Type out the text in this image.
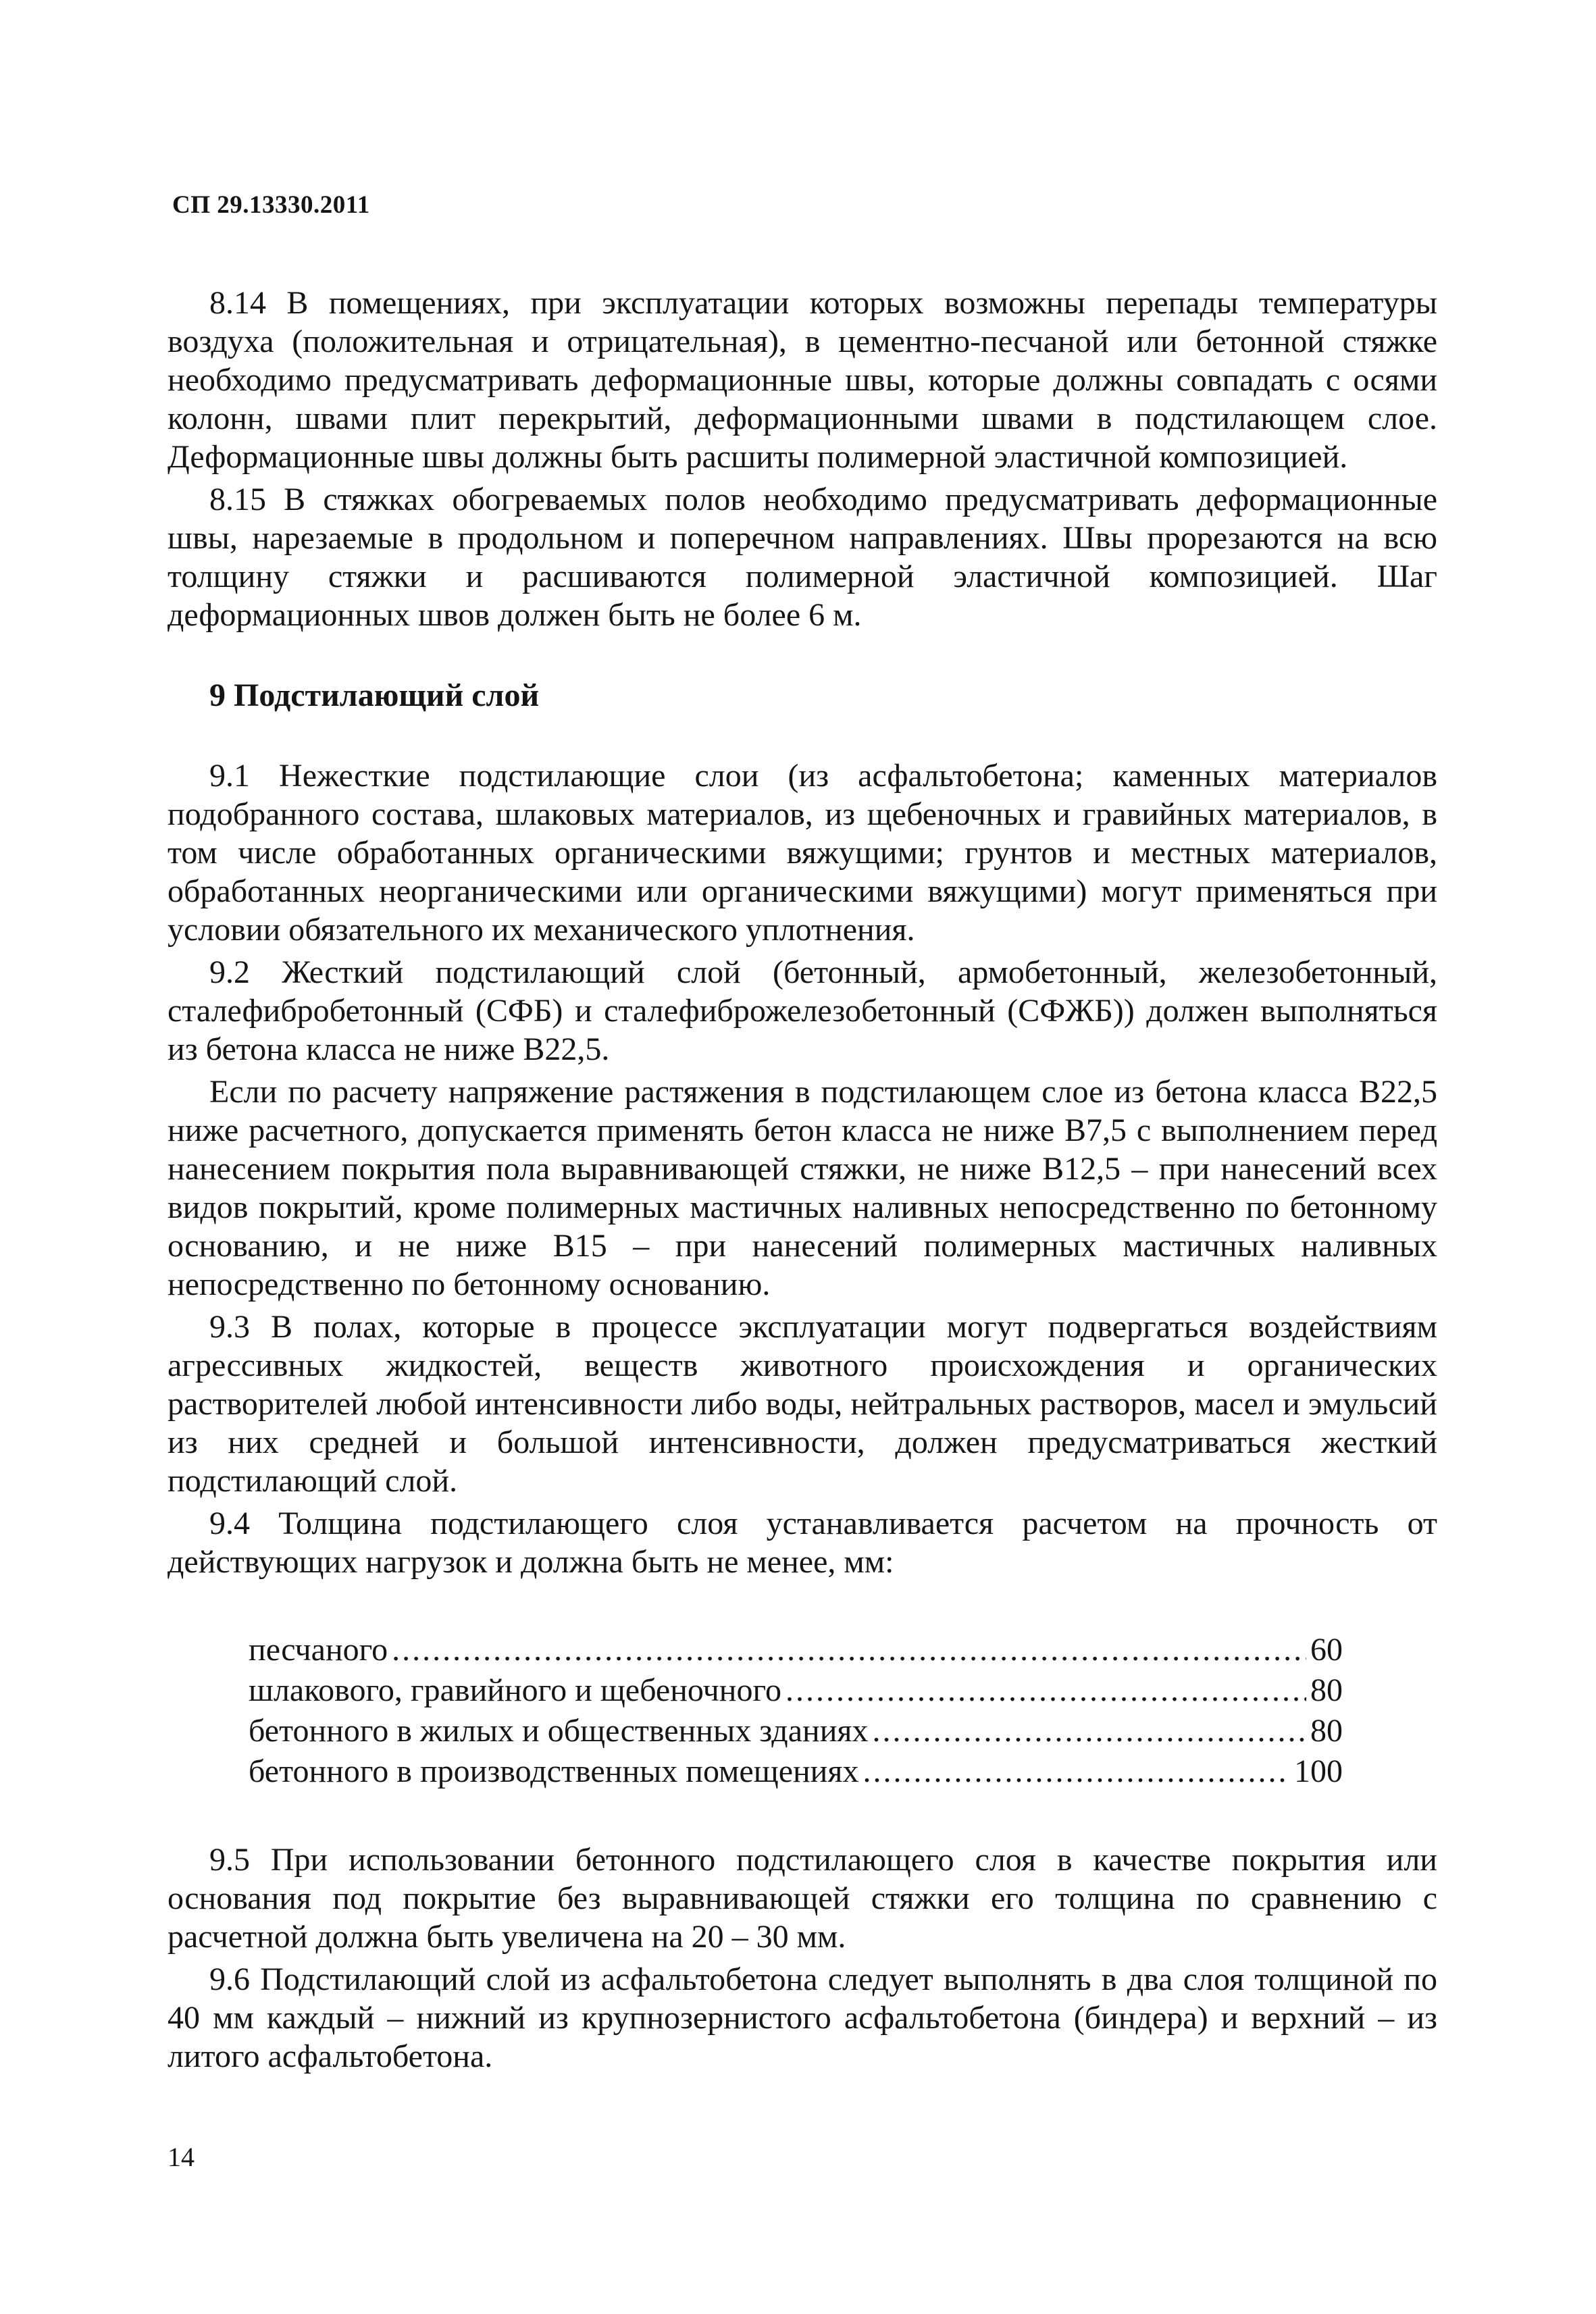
СП 29.13330.2011

8.14 В помещениях, при эксплуатации которых возможны перепады температуры воздуха (положительная и отрицательная), в цементно-песчаной или бетонной стяжке необходимо предусматривать деформационные швы, которые должны совпадать с осями колонн, швами плит перекрытий, деформационными швами в подстилающем слое. Деформационные швы должны быть расшиты полимерной эластичной композицией.

8.15 В стяжках обогреваемых полов необходимо предусматривать деформационные швы, нарезаемые в продольном и поперечном направлениях. Швы прорезаются на всю толщину стяжки и расшиваются полимерной эластичной композицией. Шаг деформационных швов должен быть не более 6 м.

9 Подстилающий слой

9.1 Нежесткие подстилающие слои (из асфальтобетона; каменных материалов подобранного состава, шлаковых материалов, из щебеночных и гравийных материалов, в том числе обработанных органическими вяжущими; грунтов и местных материалов, обработанных неорганическими или органическими вяжущими) могут применяться при условии обязательного их механического уплотнения.

9.2 Жесткий подстилающий слой (бетонный, армобетонный, железобетонный, сталефибробетонный (СФБ) и сталефиброжелезобетонный (СФЖБ)) должен выполняться из бетона класса не ниже В22,5.

Если по расчету напряжение растяжения в подстилающем слое из бетона класса В22,5 ниже расчетного, допускается применять бетон класса не ниже В7,5 с выполнением перед нанесением покрытия пола выравнивающей стяжки, не ниже В12,5 – при нанесений всех видов покрытий, кроме полимерных мастичных наливных непосредственно по бетонному основанию, и не ниже В15 – при нанесений полимерных мастичных наливных непосредственно по бетонному основанию.

9.3 В полах, которые в процессе эксплуатации могут подвергаться воздействиям агрессивных жидкостей, веществ животного происхождения и органических растворителей любой интенсивности либо воды, нейтральных растворов, масел и эмульсий из них средней и большой интенсивности, должен предусматриваться жесткий подстилающий слой.

9.4 Толщина подстилающего слоя устанавливается расчетом на прочность от действующих нагрузок и должна быть не менее, мм:

песчаного .....	60
шлакового, гравийного и щебеночного .....	80
бетонного в жилых и общественных зданиях .....	80
бетонного в производственных помещениях .....	100

9.5 При использовании бетонного подстилающего слоя в качестве покрытия или основания под покрытие без выравнивающей стяжки его толщина по сравнению с расчетной должна быть увеличена на 20 – 30 мм.

9.6 Подстилающий слой из асфальтобетона следует выполнять в два слоя толщиной по 40 мм каждый – нижний из крупнозернистого асфальтобетона (биндера) и верхний – из литого асфальтобетона.

14
